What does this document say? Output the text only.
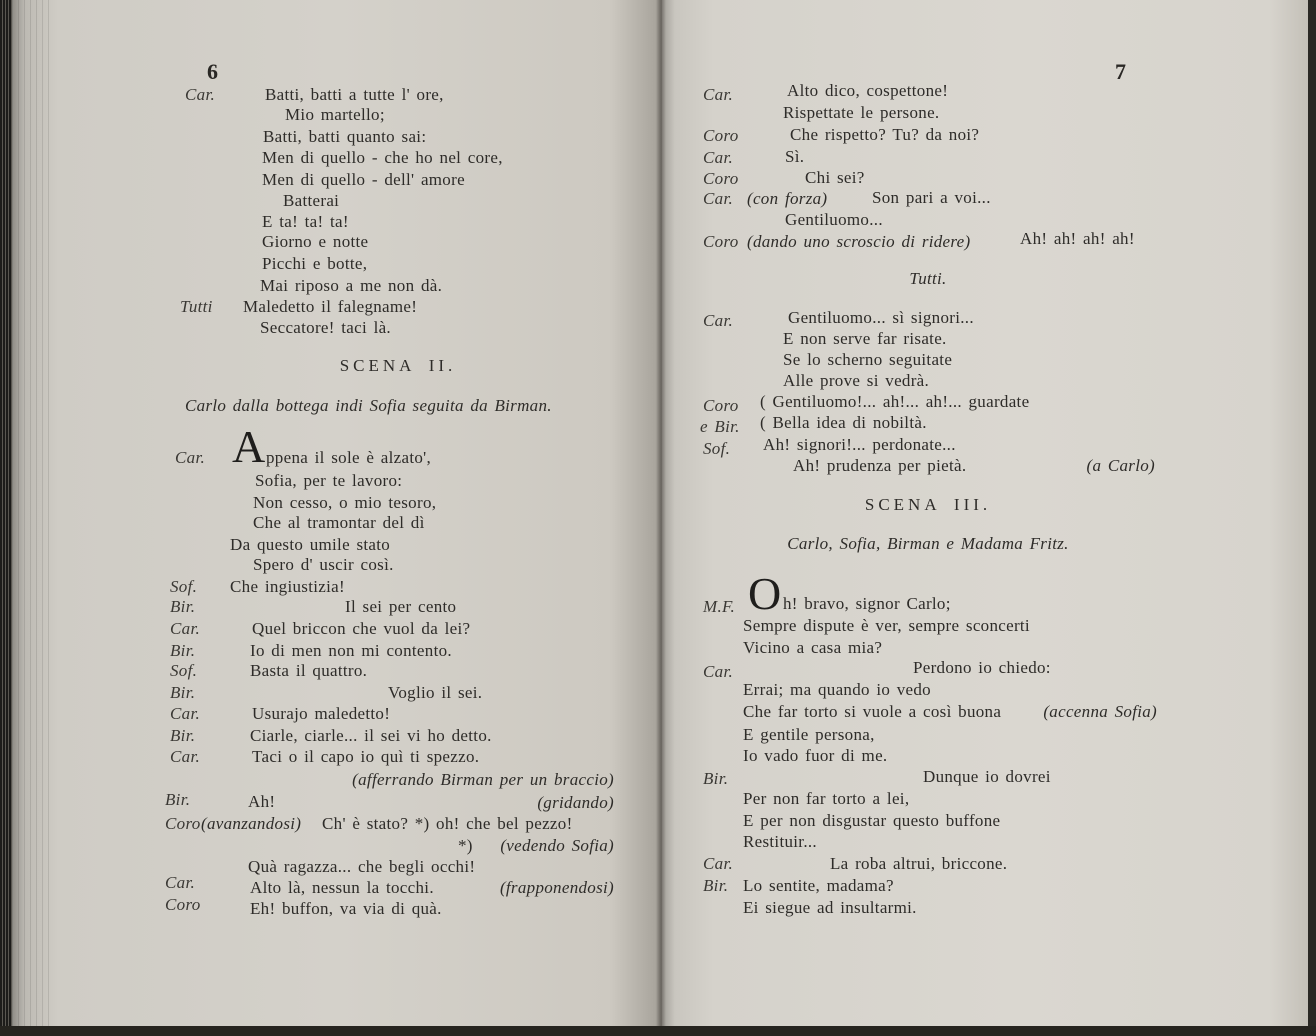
6
Car.	Batti, batti a tutte l' ore,
Mio martello;
Batti, batti quanto sai:
Men di quello - che ho nel core,
Men di quello - dell' amore
Batterai
E ta! ta! ta!
Giorno e notte
Picchi e botte,
Mai riposo a me non dà.
Tutti Maledetto il falegname!
Seccatore! taci là.
SCENA II.
Carlo dalla bottega indi Sofia seguita da Birman.
Car. A ppena il sole è alzato',
Sofia, per te lavoro:
Non cesso, o mio tesoro,
Che al tramontar del dì
Da questo umile stato
Spero d' uscir così.
Sof. Che ingiustizia!
Bir.	Il sei per cento
Car.	Quel briccon che vuol da lei?
Bir.	Io di men non mi contento.
Sof.	Basta il quattro.
Bir.	Voglio il sei.
Car.	Usurajo maledetto!
Bir.	Ciarle, ciarle... il sei vi ho detto.
Car.	Taci o il capo io quì ti spezzo.
(afferrando Birman per un braccio)
Bir.	Ah!	(gridando)
Coro (avanzandosi) Ch' è stato? *) oh! che bel pezzo!
*) (vedendo Sofia)
Quà ragazza... che begli occhi!
Car.	Alto là, nessun la tocchi.	(frapponendosi)
Coro	Eh! buffon, va via di quà.
7
Car.	Alto dico, cospettone!
Rispettate le persone.
Coro	Che rispetto? Tu? da noi?
Car.	Sì.
Coro	Chi sei?
Car. (con forza)	Son pari a voi...
Gentiluomo...
Coro (dando uno scroscio di ridere)	Ah! ah! ah! ah!
Tutti.
Car.	Gentiluomo... sì signori...
E non serve far risate.
Se lo scherno seguitate
Alle prove si vedrà.
Coro ( Gentiluomo!... ah!... ah!... guardate
e Bir. ( Bella idea di nobiltà.
Sof. Ah! signori!... perdonate...
Ah! prudenza per pietà.	(a Carlo)
SCENA III.
Carlo, Sofia, Birman e Madama Fritz.
M.F. O h! bravo, signor Carlo;
Sempre dispute è ver, sempre sconcerti
Vicino a casa mia?
Car.	Perdono io chiedo:
Errai; ma quando io vedo
Che far torto si vuole a così buona (accenna Sofia)
E gentile persona,
Io vado fuor di me.
Bir.	Dunque io dovrei
Per non far torto a lei,
E per non disgustar questo buffone
Restituir...
Car.	La roba altrui, briccone.
Bir. Lo sentite, madama?
Ei siegue ad insultarmi.
